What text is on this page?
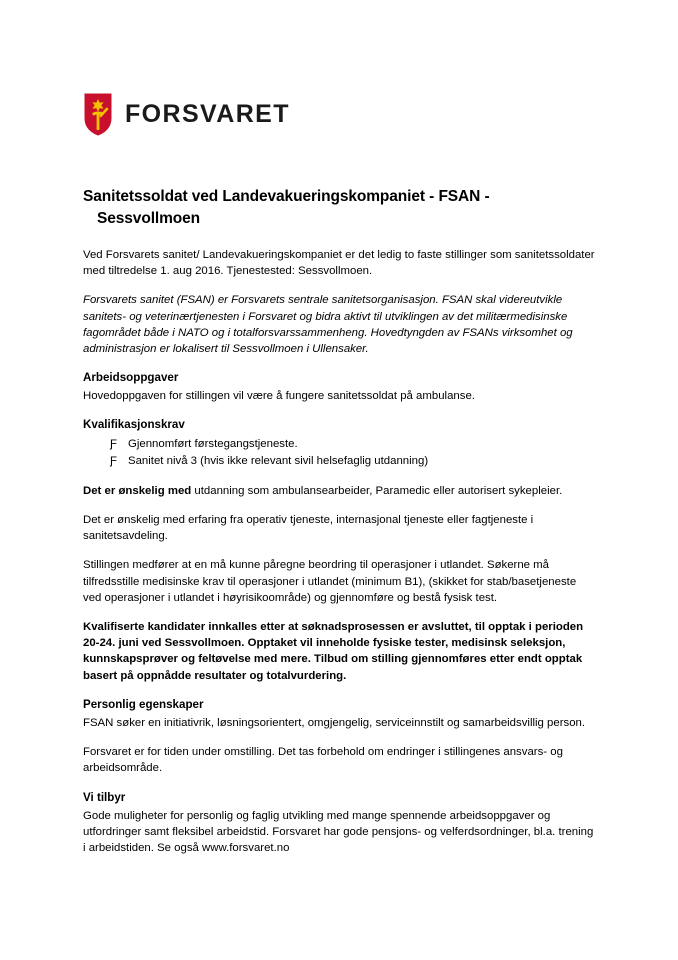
FORSVARET
Sanitetssoldat ved Landevakueringskompaniet - FSAN -
Sessvollmoen

Ved Forsvarets sanitet/ Landevakueringskompaniet er det ledig to faste stillinger som sanitetssoldater med tiltredelse 1. aug 2016. Tjenestested: Sessvollmoen.

Forsvarets sanitet (FSAN) er Forsvarets sentrale sanitetsorganisasjon. FSAN skal videreutvikle sanitets- og veterinærtjenesten i Forsvaret og bidra aktivt til utviklingen av det militærmedisinske fagområdet både i NATO og i totalforsvarssammenheng. Hovedtyngden av FSANs virksomhet og administrasjon er lokalisert til Sessvollmoen i Ullensaker.

Arbeidsoppgaver

Hovedoppgaven for stillingen vil være å fungere sanitetssoldat på ambulanse.

Kvalifikasjonskrav
Ƒ Gjennomført førstegangstjeneste.
Ƒ Sanitet nivå 3 (hvis ikke relevant sivil helsefaglig utdanning)

Det er ønskelig med utdanning som ambulansearbeider, Paramedic eller autorisert sykepleier.

Det er ønskelig med erfaring fra operativ tjeneste, internasjonal tjeneste eller fagtjeneste i sanitetsavdeling.

Stillingen medfører at en må kunne påregne beordring til operasjoner i utlandet. Søkerne må tilfredsstille medisinske krav til operasjoner i utlandet (minimum B1), (skikket for stab/basetjeneste ved operasjoner i utlandet i høyrisikoområde) og gjennomføre og bestå fysisk test.

Kvalifiserte kandidater innkalles etter at søknadsprosessen er avsluttet, til opptak i perioden 20-24. juni ved Sessvollmoen. Opptaket vil inneholde fysiske tester, medisinsk seleksjon, kunnskapsprøver og feltøvelse med mere. Tilbud om stilling gjennomføres etter endt opptak basert på oppnådde resultater og totalvurdering.

Personlig egenskaper

FSAN søker en initiativrik, løsningsorientert, omgjengelig, serviceinnstilt og samarbeidsvillig person.

Forsvaret er for tiden under omstilling. Det tas forbehold om endringer i stillingenes ansvars- og arbeidsområde.

Vi tilbyr

Gode muligheter for personlig og faglig utvikling med mange spennende arbeidsoppgaver og utfordringer samt fleksibel arbeidstid. Forsvaret har gode pensjons- og velferdsordninger, bl.a. trening i arbeidstiden. Se også www.forsvaret.no
